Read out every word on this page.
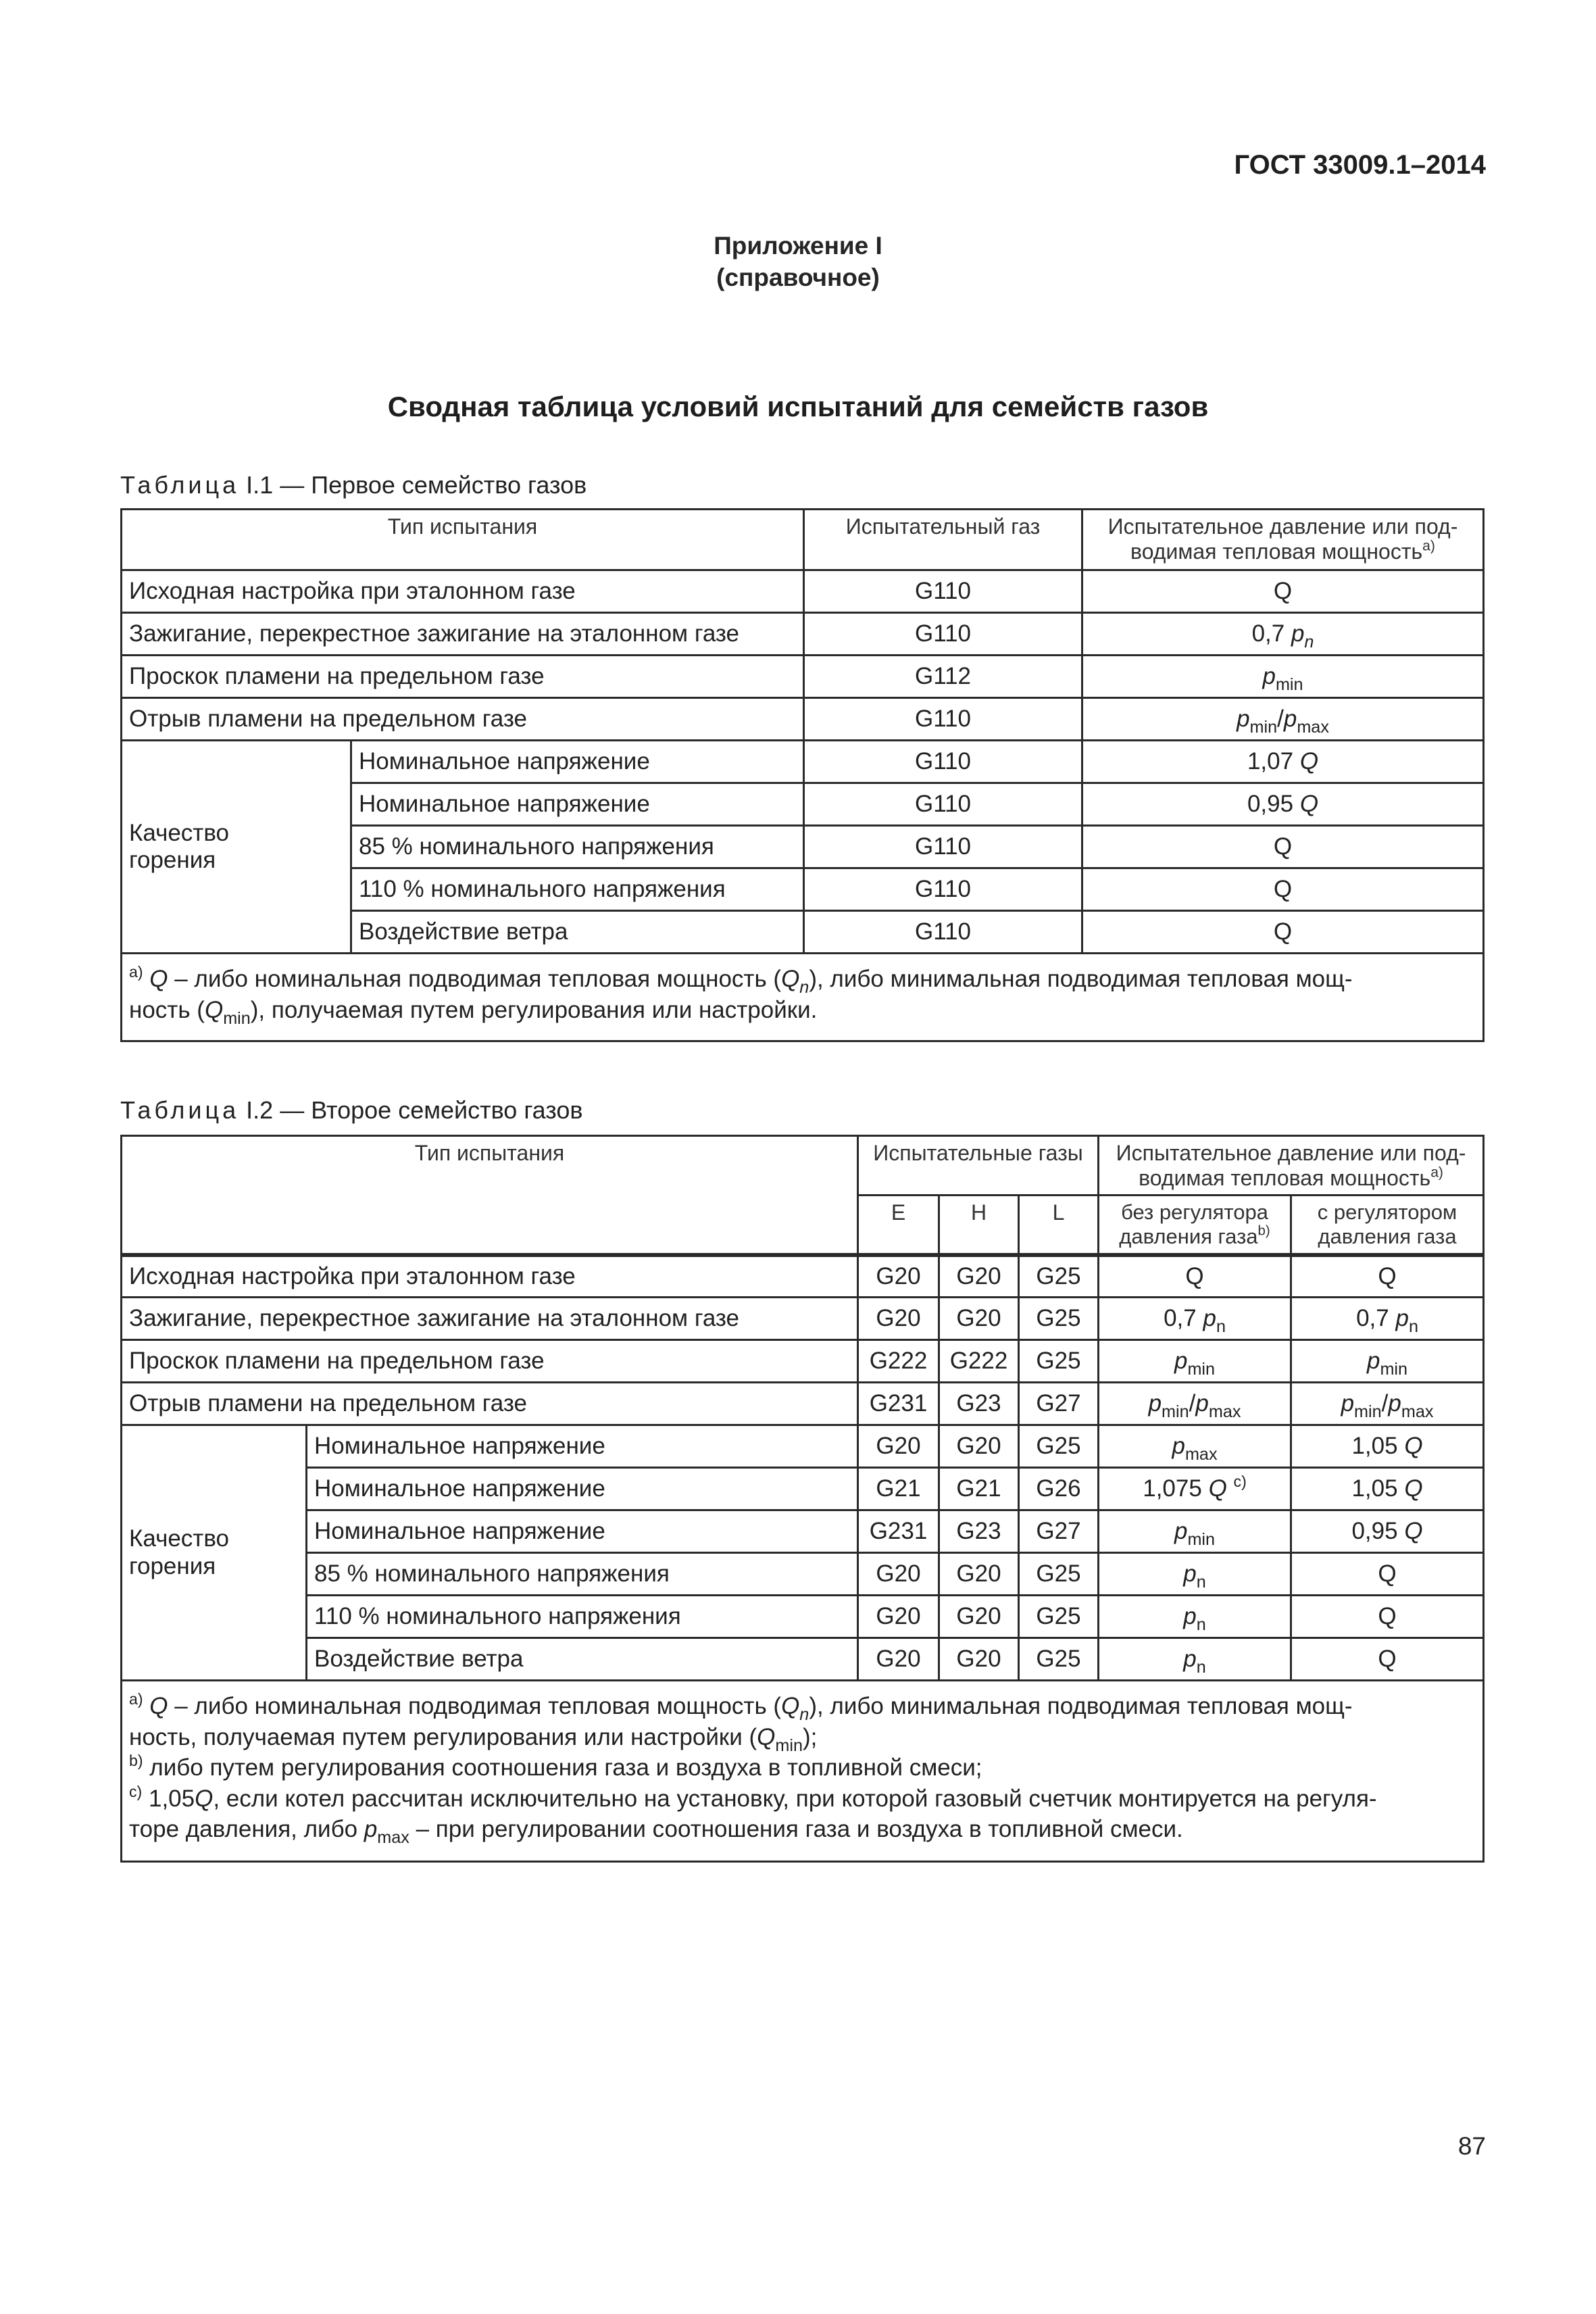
ГОСТ 33009.1–2014
Приложение I
(справочное)
Сводная таблица условий испытаний для семейств газов
Таблица I.1 — Первое семейство газов
Тип испытания		Испытательный газ	Испытательное давление или под-
водимая тепловая мощность$^{а)}$
Исходная настройка при эталонном газе		G110	Q
Зажигание, перекрестное зажигание на эталонном газе		G110	0,7 $p_n$
Проскок пламени на предельном газе		G112	$p_{min}$
Отрыв пламени на предельном газе		G110	$p_{min}/p_{max}$
Качество
горения	Номинальное напряжение	G110	1,07 Q
	Номинальное напряжение	G110	0,95 Q
	85 % номинального напряжения	G110	Q
	110 % номинального напряжения	G110	Q
	Воздействие ветра	G110	Q
$^{а)}$ Q – либо номинальная подводимая тепловая мощность $(Q_n)$, либо минимальная подводимая тепловая мощ-
ность $(Q_{min})$, получаемая путем регулирования или настройки.			
Таблица I.2 — Второе семейство газов
Тип испытания		Испытательные газы			Испытательное давление или под-
водимая тепловая мощность$^{а)}$
		E	H	L	без регулятора
давления газа$^{b)}$	с регулятором
давления газа
Исходная настройка при эталонном газе		G20	G20	G25	Q	Q
Зажигание, перекрестное зажигание на эталонном газе		G20	G20	G25	0,7 $p_n$	0,7 $p_n$
Проскок пламени на предельном газе		G222	G222	G25	$p_{min}$	$p_{min}$
Отрыв пламени на предельном газе		G231	G23	G27	$p_{min}/p_{max}$	$p_{min}/p_{max}$
Качество
горения	Номинальное напряжение	G20	G20	G25	$p_{max}$	1,05 Q
	Номинальное напряжение	G21	G21	G26	1,075 Q $^{c)}$	1,05 Q
	Номинальное напряжение	G231	G23	G27	$p_{min}$	0,95 Q
	85 % номинального напряжения	G20	G20	G25	$p_n$	Q
	110 % номинального напряжения	G20	G20	G25	$p_n$	Q
	Воздействие ветра	G20	G20	G25	$p_n$	Q

$^{а)}$ Q – либо номинальная подводимая тепловая мощность $(Q_n)$, либо минимальная подводимая тепловая мощ-
ность, получаемая путем регулирования или настройки $(Q_{min})$;
$^{b)}$ либо путем регулирования соотношения газа и воздуха в топливной смеси;
$^{c)}$ 1,05Q, если котел рассчитан исключительно на установку, при которой газовый счетчик монтируется на регуля-
торе давления, либо $p_{max}$ – при регулировании соотношения газа и воздуха в топливной смеси.						
87
